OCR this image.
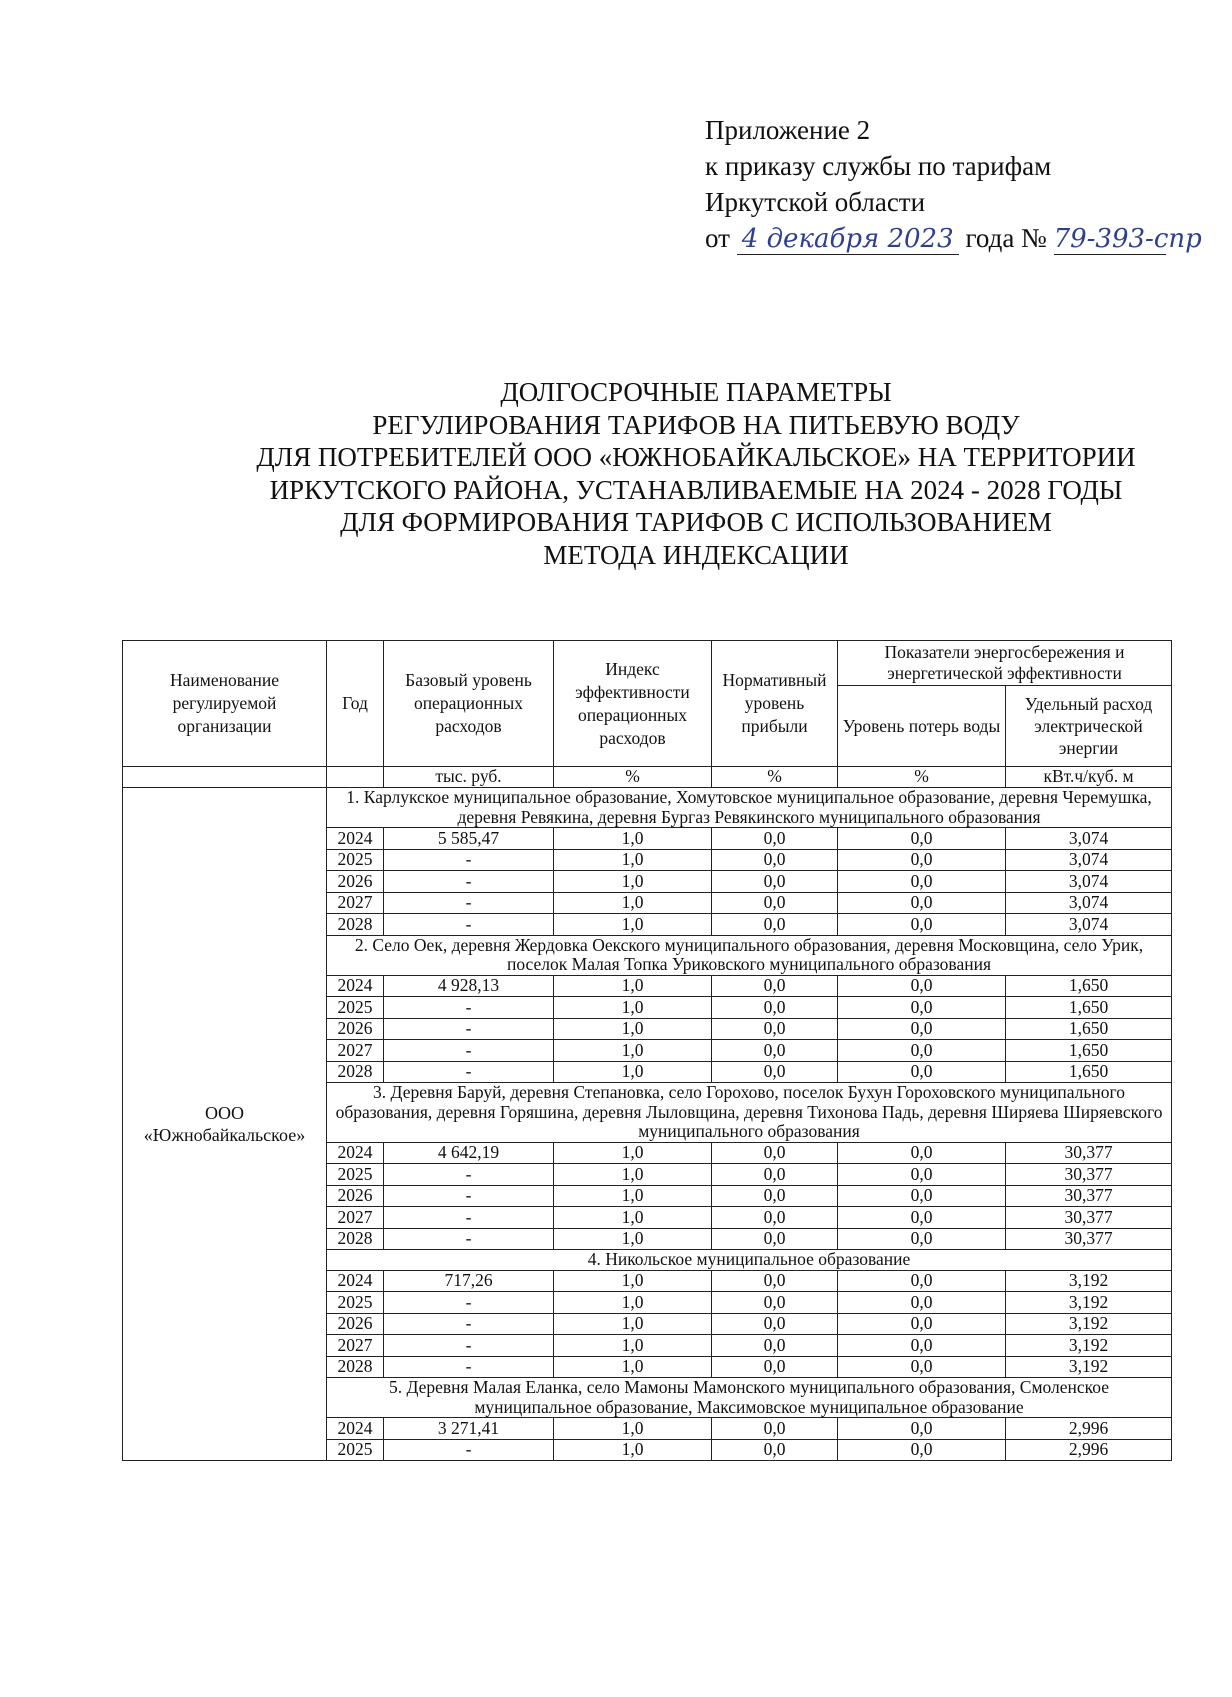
Приложение 2
к приказу службы по тарифам
Иркутской области
от 4 декабря 2023 года № 79-393-спр
ДОЛГОСРОЧНЫЕ ПАРАМЕТРЫ
РЕГУЛИРОВАНИЯ ТАРИФОВ НА ПИТЬЕВУЮ ВОДУ
ДЛЯ ПОТРЕБИТЕЛЕЙ ООО «ЮЖНОБАЙКАЛЬСКОЕ» НА ТЕРРИТОРИИ
ИРКУТСКОГО РАЙОНА, УСТАНАВЛИВАЕМЫЕ НА 2024 - 2028 ГОДЫ
ДЛЯ ФОРМИРОВАНИЯ ТАРИФОВ С ИСПОЛЬЗОВАНИЕМ
МЕТОДА ИНДЕКСАЦИИ
Наименование регулируемой организации	Год	Базовый уровень операционных расходов	Индекс эффективности операционных расходов	Нормативный уровень прибыли	Показатели энергосбережения и энергетической эффективности	
					Уровень потерь воды	Удельный расход электрической энергии

		тыс. руб.	%	%	%	кВт.ч/куб. м
ООО «Южнобайкальское»	1. Карлукское муниципальное образование, Хомутовское муниципальное образование, деревня Черемушка, деревня Ревякина, деревня Бургаз Ревякинского муниципального образования					
	2024	5 585,47	1,0	0,0	0,0	3,074
	2025	-	1,0	0,0	0,0	3,074
	2026	-	1,0	0,0	0,0	3,074
	2027	-	1,0	0,0	0,0	3,074
	2028	-	1,0	0,0	0,0	3,074
	2. Село Оек, деревня Жердовка Оекского муниципального образования, деревня Московщина, село Урик, поселок Малая Топка Уриковского муниципального образования					
	2024	4 928,13	1,0	0,0	0,0	1,650
	2025	-	1,0	0,0	0,0	1,650
	2026	-	1,0	0,0	0,0	1,650
	2027	-	1,0	0,0	0,0	1,650
	2028	-	1,0	0,0	0,0	1,650
	3. Деревня Баруй, деревня Степановка, село Горохово, поселок Бухун Гороховского муниципального образования, деревня Горяшина, деревня Лыловщина, деревня Тихонова Падь, деревня Ширяева Ширяевского муниципального образования					
	2024	4 642,19	1,0	0,0	0,0	30,377
	2025	-	1,0	0,0	0,0	30,377
	2026	-	1,0	0,0	0,0	30,377
	2027	-	1,0	0,0	0,0	30,377
	2028	-	1,0	0,0	0,0	30,377
	4. Никольское муниципальное образование					
	2024	717,26	1,0	0,0	0,0	3,192
	2025	-	1,0	0,0	0,0	3,192
	2026	-	1,0	0,0	0,0	3,192
	2027	-	1,0	0,0	0,0	3,192
	2028	-	1,0	0,0	0,0	3,192
	5. Деревня Малая Еланка, село Мамоны Мамонского муниципального образования, Смоленское муниципальное образование, Максимовское муниципальное образование					
	2024	3 271,41	1,0	0,0	0,0	2,996
	2025	-	1,0	0,0	0,0	2,996
